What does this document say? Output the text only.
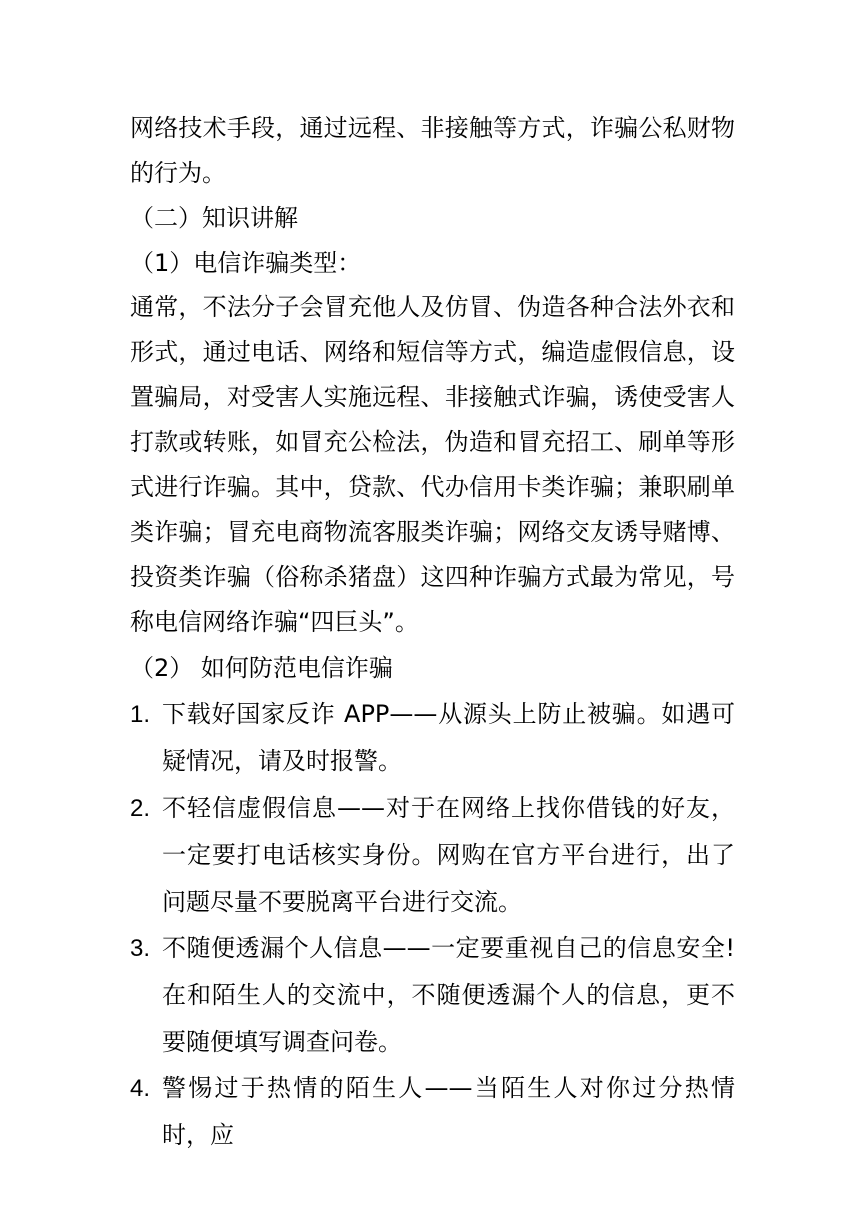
网络技术手段，通过远程、非接触等方式，诈骗公私财物的行为。

（二）知识讲解

（1）电信诈骗类型：

通常，不法分子会冒充他人及仿冒、伪造各种合法外衣和形式，通过电话、网络和短信等方式，编造虚假信息，设置骗局，对受害人实施远程、非接触式诈骗，诱使受害人打款或转账，如冒充公检法，伪造和冒充招工、刷单等形式进行诈骗。其中，贷款、代办信用卡类诈骗；兼职刷单类诈骗；冒充电商物流客服类诈骗；网络交友诱导赌博、投资类诈骗（俗称杀猪盘）这四种诈骗方式最为常见，号称电信网络诈骗“四巨头”。

（2） 如何防范电信诈骗

1. 下载好国家反诈 APP——从源头上防止被骗。如遇可疑情况，请及时报警。
2. 不轻信虚假信息——对于在网络上找你借钱的好友，一定要打电话核实身份。网购在官方平台进行，出了问题尽量不要脱离平台进行交流。
3. 不随便透漏个人信息——一定要重视自己的信息安全!在和陌生人的交流中，不随便透漏个人的信息，更不要随便填写调查问卷。
4. 警惕过于热情的陌生人——当陌生人对你过分热情时，应
